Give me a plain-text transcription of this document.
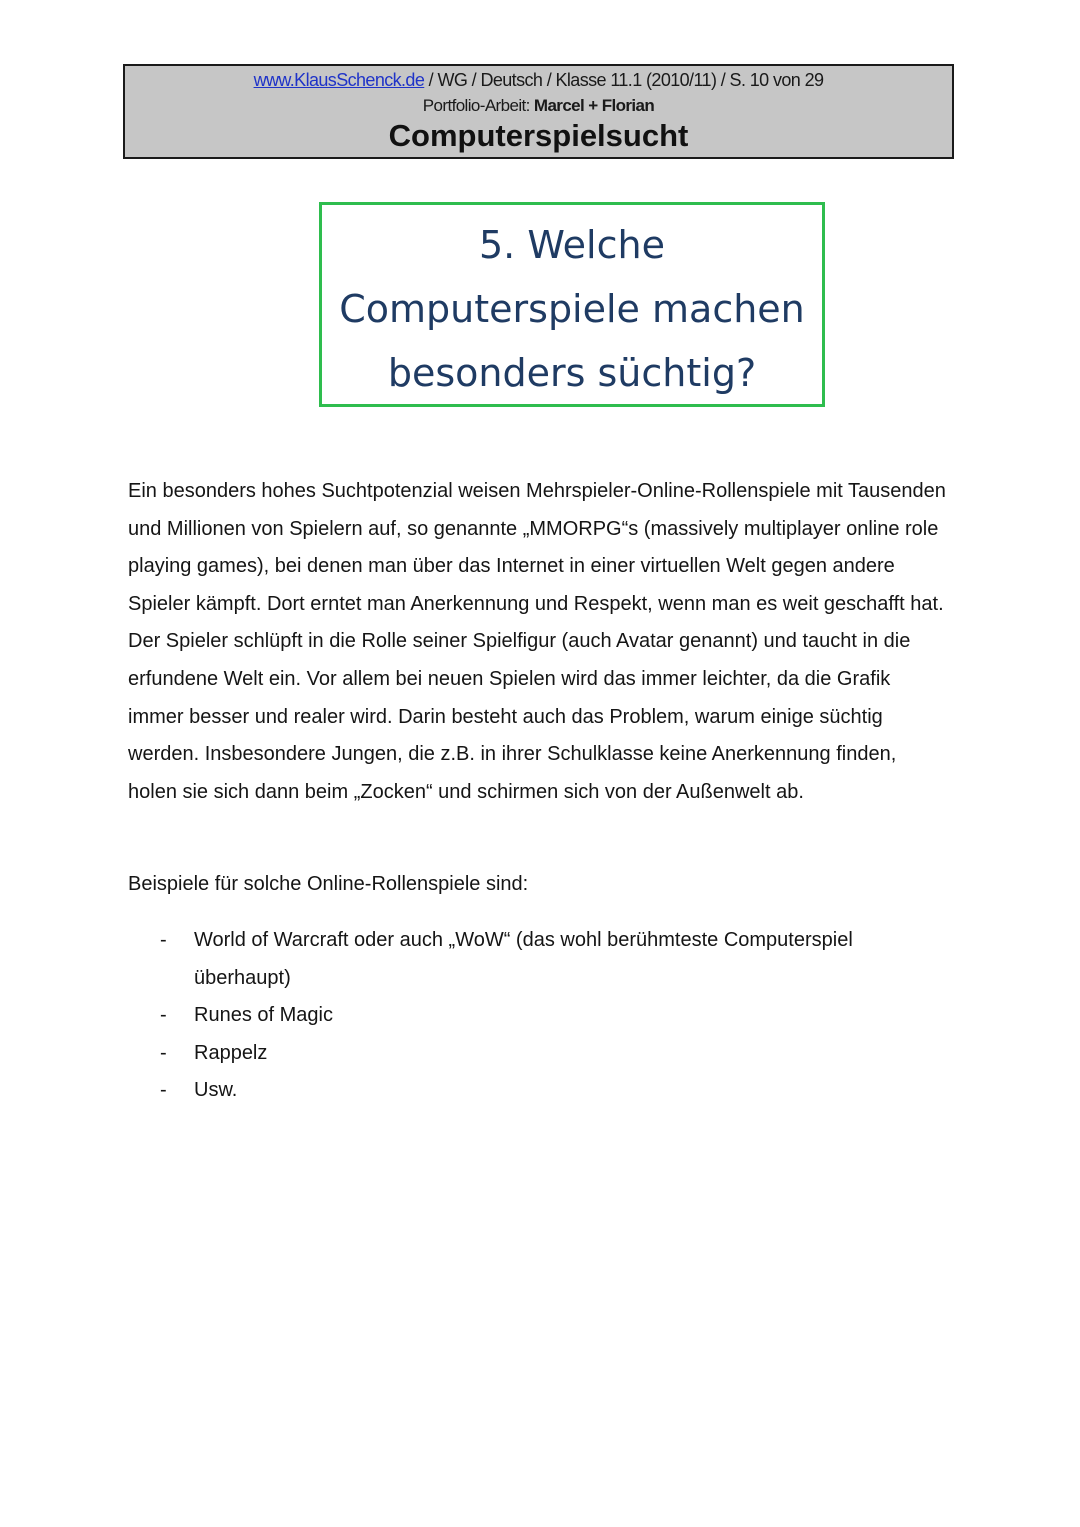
www.KlausSchenck.de / WG / Deutsch / Klasse 11.1 (2010/11) / S. 10 von 29
Portfolio-Arbeit: Marcel + Florian
Computerspielsucht
5. Welche
Computerspiele machen
besonders süchtig?

Ein besonders hohes Suchtpotenzial weisen Mehrspieler-Online-Rollenspiele mit Tausenden und Millionen von Spielern auf, so genannte „MMORPG“s (massively multiplayer online role playing games), bei denen man über das Internet in einer virtuellen Welt gegen andere Spieler kämpft. Dort erntet man Anerkennung und Respekt, wenn man es weit geschafft hat. Der Spieler schlüpft in die Rolle seiner Spielfigur (auch Avatar genannt) und taucht in die erfundene Welt ein. Vor allem bei neuen Spielen wird das immer leichter, da die Grafik immer besser und realer wird. Darin besteht auch das Problem, warum einige süchtig werden. Insbesondere Jungen, die z.B. in ihrer Schulklasse keine Anerkennung finden, holen sie sich dann beim „Zocken“ und schirmen sich von der Außenwelt ab.

Beispiele für solche Online-Rollenspiele sind:

- World of Warcraft oder auch „WoW“ (das wohl berühmteste Computerspiel überhaupt)
- Runes of Magic
- Rappelz
- Usw.
